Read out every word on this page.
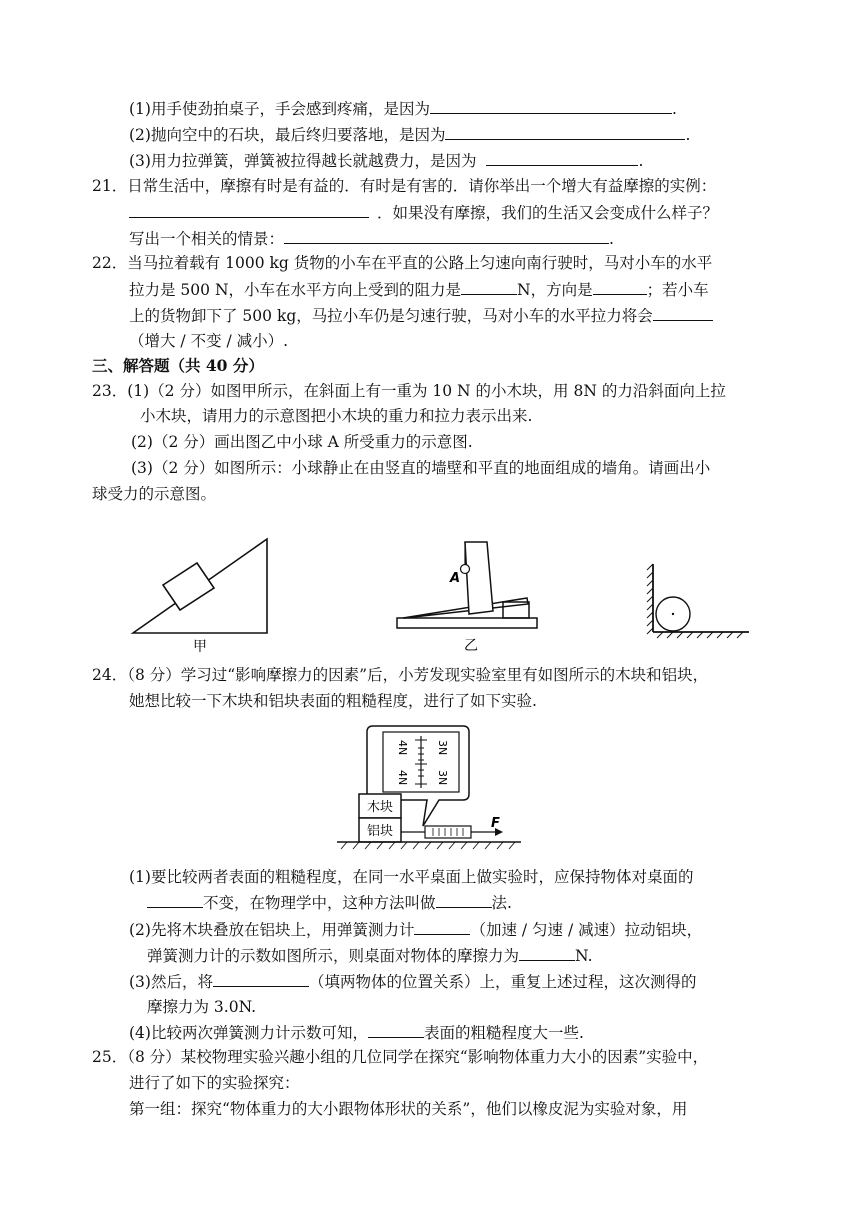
(1)用手使劲拍桌子，手会感到疼痛，是因为	.
(2)抛向空中的石块，最后终归要落地，是因为	.
(3)用力拉弹簧，弹簧被拉得越长就越费力，是因为	.
21．日常生活中，摩擦有时是有益的．有时是有害的．请你举出一个增大有益摩擦的实例：
．如果没有摩擦，我们的生活又会变成什么样子？
写出一个相关的情景：	.
22．当马拉着载有 1000 kg 货物的小车在平直的公路上匀速向南行驶时，马对小车的水平
拉力是 500 N，小车在水平方向上受到的阻力是	N，方向是	；若小车
上的货物卸下了 500 kg，马拉小车仍是匀速行驶，马对小车的水平拉力将会
（增大 / 不变 / 减小）.
三、解答题（共 40 分）
23．(1)（2 分）如图甲所示，在斜面上有一重为 10 N 的小木块，用 8N 的力沿斜面向上拉
小木块，请用力的示意图把小木块的重力和拉力表示出来.
(2)（2 分）画出图乙中小球 A 所受重力的示意图.
(3)（2 分）如图所示：小球静止在由竖直的墙壁和平直的地面组成的墙角。请画出小
球受力的示意图。
甲
A
乙
24．（8 分）学习过“影响摩擦力的因素”后，小芳发现实验室里有如图所示的木块和铝块，
她想比较一下木块和铝块表面的粗糙程度，进行了如下实验.
4N 3N
4N 3N
木块
铝块
F
(1)要比较两者表面的粗糙程度，在同一水平桌面上做实验时，应保持物体对桌面的
不变，在物理学中，这种方法叫做	法.
(2)先将木块叠放在铝块上，用弹簧测力计	（加速 / 匀速 / 减速）拉动铝块，
弹簧测力计的示数如图所示，则桌面对物体的摩擦力为	N.
(3)然后，将	（填两物体的位置关系）上，重复上述过程，这次测得的
摩擦力为 3.0N.
(4)比较两次弹簧测力计示数可知，	表面的粗糙程度大一些.
25．（8 分）某校物理实验兴趣小组的几位同学在探究“影响物体重力大小的因素”实验中，
进行了如下的实验探究：
第一组：探究“物体重力的大小跟物体形状的关系”，他们以橡皮泥为实验对象，用
